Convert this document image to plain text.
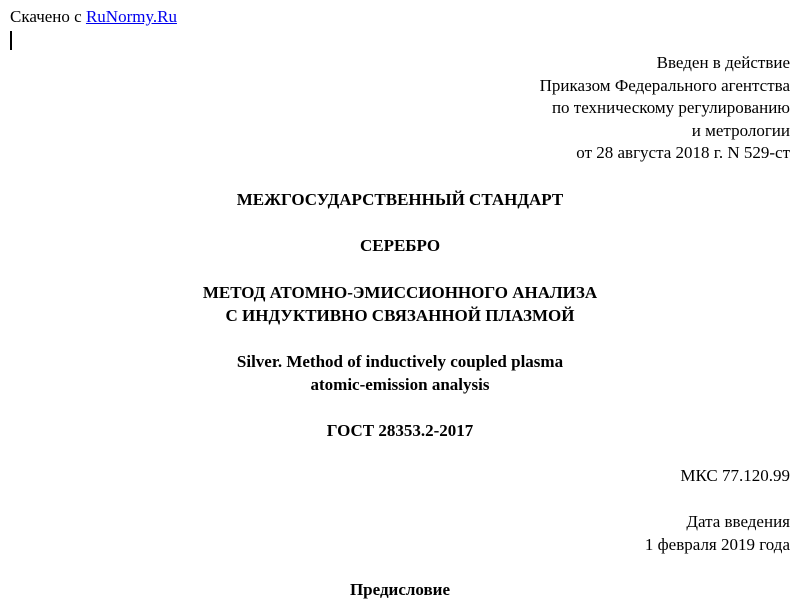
Скачено с RuNormy.Ru
Введен в действие
Приказом Федерального агентства
по техническому регулированию
и метрологии
от 28 августа 2018 г. N 529-ст
МЕЖГОСУДАРСТВЕННЫЙ СТАНДАРТ
СЕРЕБРО
МЕТОД АТОМНО-ЭМИССИОННОГО АНАЛИЗА
С ИНДУКТИВНО СВЯЗАННОЙ ПЛАЗМОЙ
Silver. Method of inductively coupled plasma
atomic-emission analysis
ГОСТ 28353.2-2017
МКС 77.120.99
Дата введения
1 февраля 2019 года
Предисловие
